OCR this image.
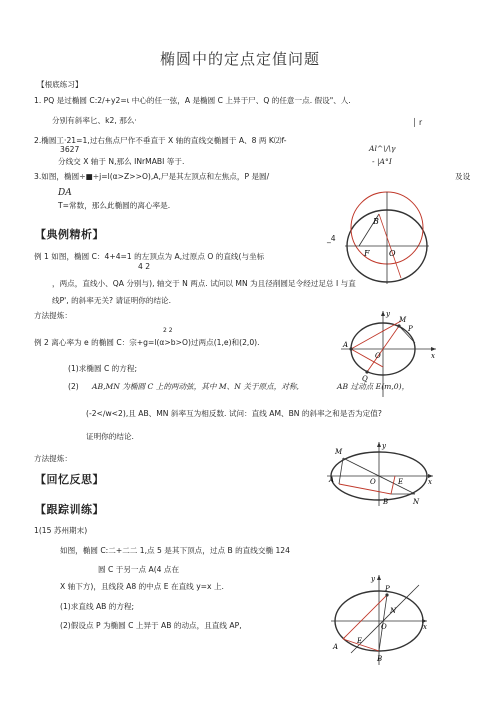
椭圆中的定点定值问题
【根底练习】
1. PQ 是过椭圆 C:2/+y2=ι 中心的任一弦，A 是椭圆 C 上异于尸、Q 的任意一点. 假设"、人.
分别有斜率匕、k2, 那么·	│ r
2.椭圆工·21=1,过右焦点尸作不垂直于 X 轴的直线交椭圆于 A、8 两 K⑵f-
3627	Al^\/\γ
分线交 X 轴于 N,那么 INrMABI 等于.	- |A°I
3.如图，椭圆÷■÷j=l(α>Z>>O),A,尸是其左顶点和左焦点，P 是圆/	及设
DA
T=常数，那么此椭圆的离心率是.
B
F O
【典例精析】	_4
例 1 如图，椭圆 C：4+4=1 的左顶点为 A,过原点 O 的直线(与坐标
4 2
，两点，直线小、QA 分别与), 轴交于 N 两点. 试问以 MN 为且径削圆足令经过足总 I 与直
线P', 的斜率无关? 请证明你的结论.
方法提炼：
2 2
例 2 离心率为 e 的椭圆 C：宗+g=l(α>b>O)过两点(1,e)和(2,0).
y
M
P
A
O	x
Q
(1)求椭圆 C 的方程;
(2) AB,MN 为椭圆 C 上的两动弦，其中 M、N 关于原点，对称,	AB 过动点 E(m,0)，
(-2<∕w<2),且 AB、MN 斜率互为相反数. 试问：直线 AM、BN 的斜率之和是否为定值?
证明你的结论.
方法提炼：
M
y
A	O	E	x
B	N
【回忆反思】
【跟踪训练】
1(15 苏州期末)
如图，椭圆 C:二+二二 1,点 5 是其下顶点，过点 B 的直线交椭 124
圆 C 于另一点 A(4 点在
X 轴下方)，且线段 A8 的中点 E 在直线 y=x 上.
(1)求直线 AB 的方程;
(2)假设点 P 为椭圆 C 上异于 AB 的动点，且直线 AP,
y
P
A
N
O
E
x
B
